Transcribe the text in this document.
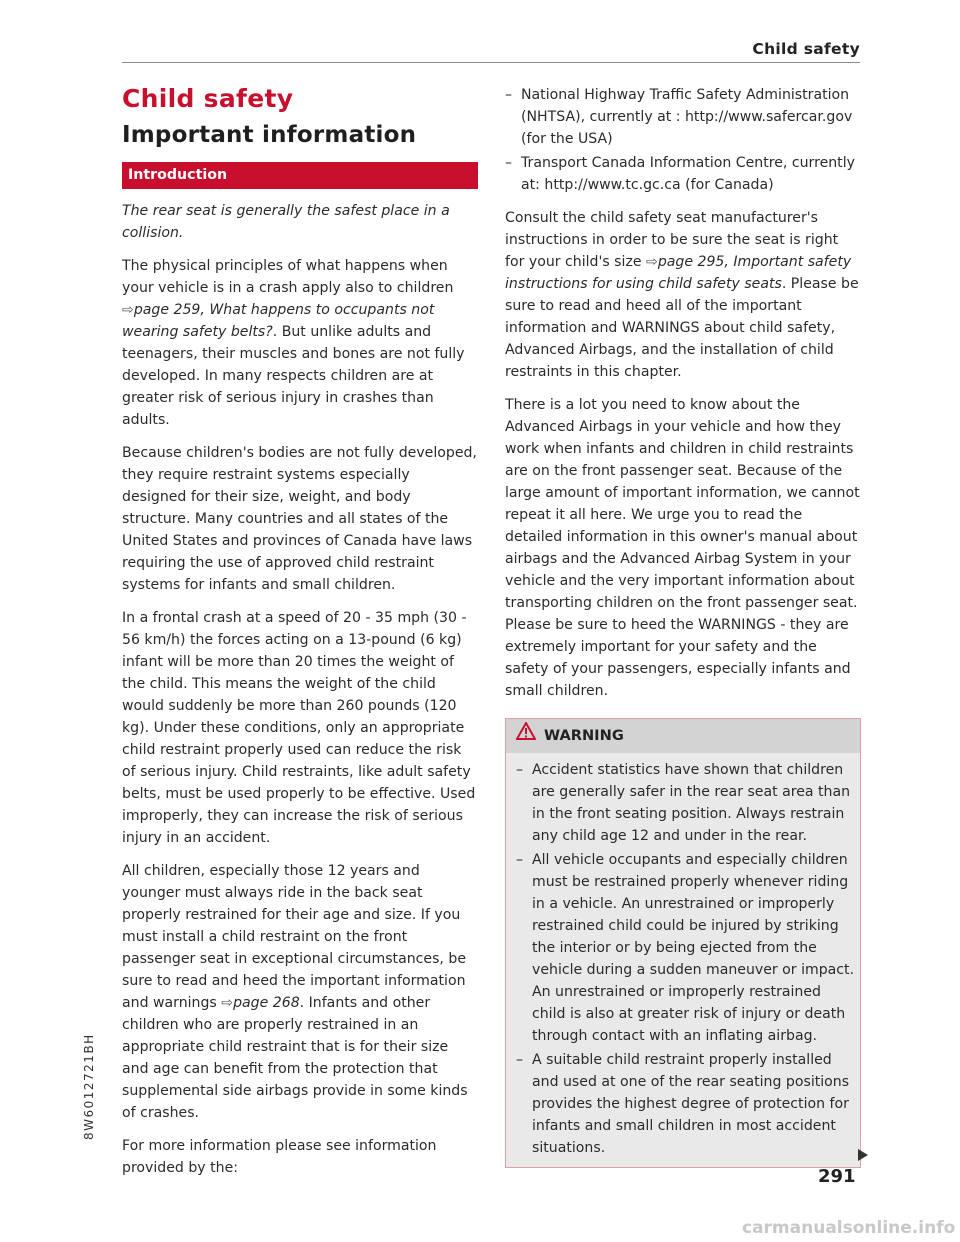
Child safety
Child safety
Important information
Introduction

The rear seat is generally the safest place in a collision.

The physical principles of what happens when your vehicle is in a crash apply also to children ⇨page 259, What happens to occupants not wearing safety belts?. But unlike adults and teenagers, their muscles and bones are not fully developed. In many respects children are at greater risk of serious injury in crashes than adults.

Because children's bodies are not fully developed, they require restraint systems especially designed for their size, weight, and body structure. Many countries and all states of the United States and provinces of Canada have laws requiring the use of approved child restraint systems for infants and small children.

In a frontal crash at a speed of 20 - 35 mph (30 - 56 km/h) the forces acting on a 13-pound (6 kg) infant will be more than 20 times the weight of the child. This means the weight of the child would suddenly be more than 260 pounds (120 kg). Under these conditions, only an appropriate child restraint properly used can reduce the risk of serious injury. Child restraints, like adult safety belts, must be used properly to be effective. Used improperly, they can increase the risk of serious injury in an accident.

All children, especially those 12 years and younger must always ride in the back seat properly restrained for their age and size. If you must install a child restraint on the front passenger seat in exceptional circumstances, be sure to read and heed the important information and warnings ⇨page 268. Infants and other children who are properly restrained in an appropriate child restraint that is for their size and age can benefit from the protection that supplemental side airbags provide in some kinds of crashes.

For more information please see information provided by the:

– National Highway Traffic Safety Administration (NHTSA), currently at : http://www.safercar.gov (for the USA)
– Transport Canada Information Centre, currently at: http://www.tc.gc.ca (for Canada)

Consult the child safety seat manufacturer's instructions in order to be sure the seat is right for your child's size ⇨page 295, Important safety instructions for using child safety seats. Please be sure to read and heed all of the important information and WARNINGS about child safety, Advanced Airbags, and the installation of child restraints in this chapter.

There is a lot you need to know about the Advanced Airbags in your vehicle and how they work when infants and children in child restraints are on the front passenger seat. Because of the large amount of important information, we cannot repeat it all here. We urge you to read the detailed information in this owner's manual about airbags and the Advanced Airbag System in your vehicle and the very important information about transporting children on the front passenger seat. Please be sure to heed the WARNINGS - they are extremely important for your safety and the safety of your passengers, especially infants and small children.

WARNING
– Accident statistics have shown that children are generally safer in the rear seat area than in the front seating position. Always restrain any child age 12 and under in the rear.
– All vehicle occupants and especially children must be restrained properly whenever riding in a vehicle. An unrestrained or improperly restrained child could be injured by striking the interior or by being ejected from the vehicle during a sudden maneuver or impact. An unrestrained or improperly restrained child is also at greater risk of injury or death through contact with an inflating airbag.
– A suitable child restraint properly installed and used at one of the rear seating positions provides the highest degree of protection for infants and small children in most accident situations.
291
8W6012721BH
carmanualsonline.info
